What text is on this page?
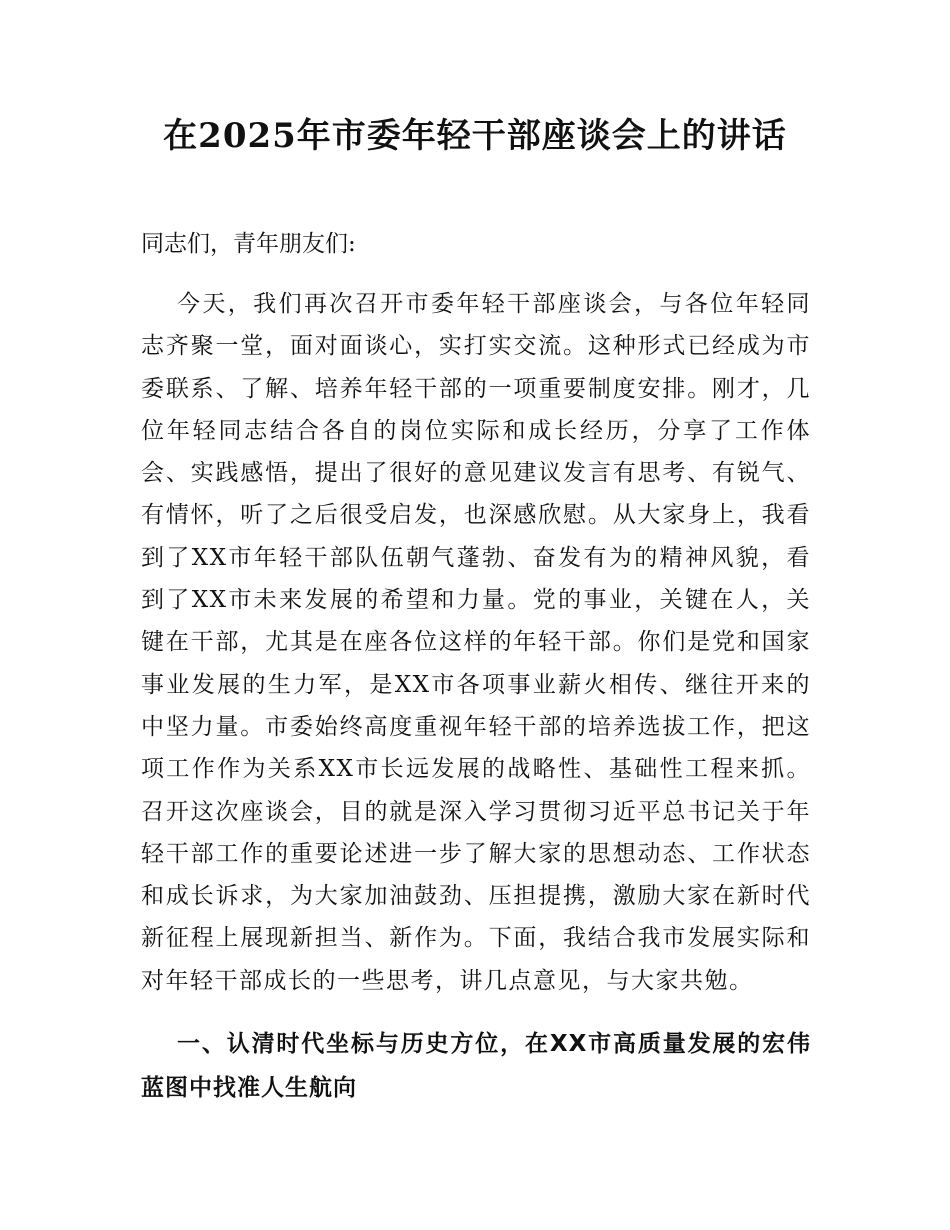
在2025年市委年轻干部座谈会上的讲话

同志们，青年朋友们:

今天，我们再次召开市委年轻干部座谈会，与各位年轻同志齐聚一堂，面对面谈心，实打实交流。这种形式已经成为市委联系、了解、培养年轻干部的一项重要制度安排。刚才，几位年轻同志结合各自的岗位实际和成长经历，分享了工作体会、实践感悟，提出了很好的意见建议发言有思考、有锐气、有情怀，听了之后很受启发，也深感欣慰。从大家身上，我看到了XX市年轻干部队伍朝气蓬勃、奋发有为的精神风貌，看到了XX市未来发展的希望和力量。党的事业，关键在人，关键在干部，尤其是在座各位这样的年轻干部。你们是党和国家事业发展的生力军，是XX市各项事业薪火相传、继往开来的中坚力量。市委始终高度重视年轻干部的培养选拔工作，把这项工作作为关系XX市长远发展的战略性、基础性工程来抓。召开这次座谈会，目的就是深入学习贯彻习近平总书记关于年轻干部工作的重要论述进一步了解大家的思想动态、工作状态和成长诉求，为大家加油鼓劲、压担提携，激励大家在新时代新征程上展现新担当、新作为。下面，我结合我市发展实际和对年轻干部成长的一些思考，讲几点意见，与大家共勉。

一、认清时代坐标与历史方位，在XX市高质量发展的宏伟蓝图中找准人生航向
